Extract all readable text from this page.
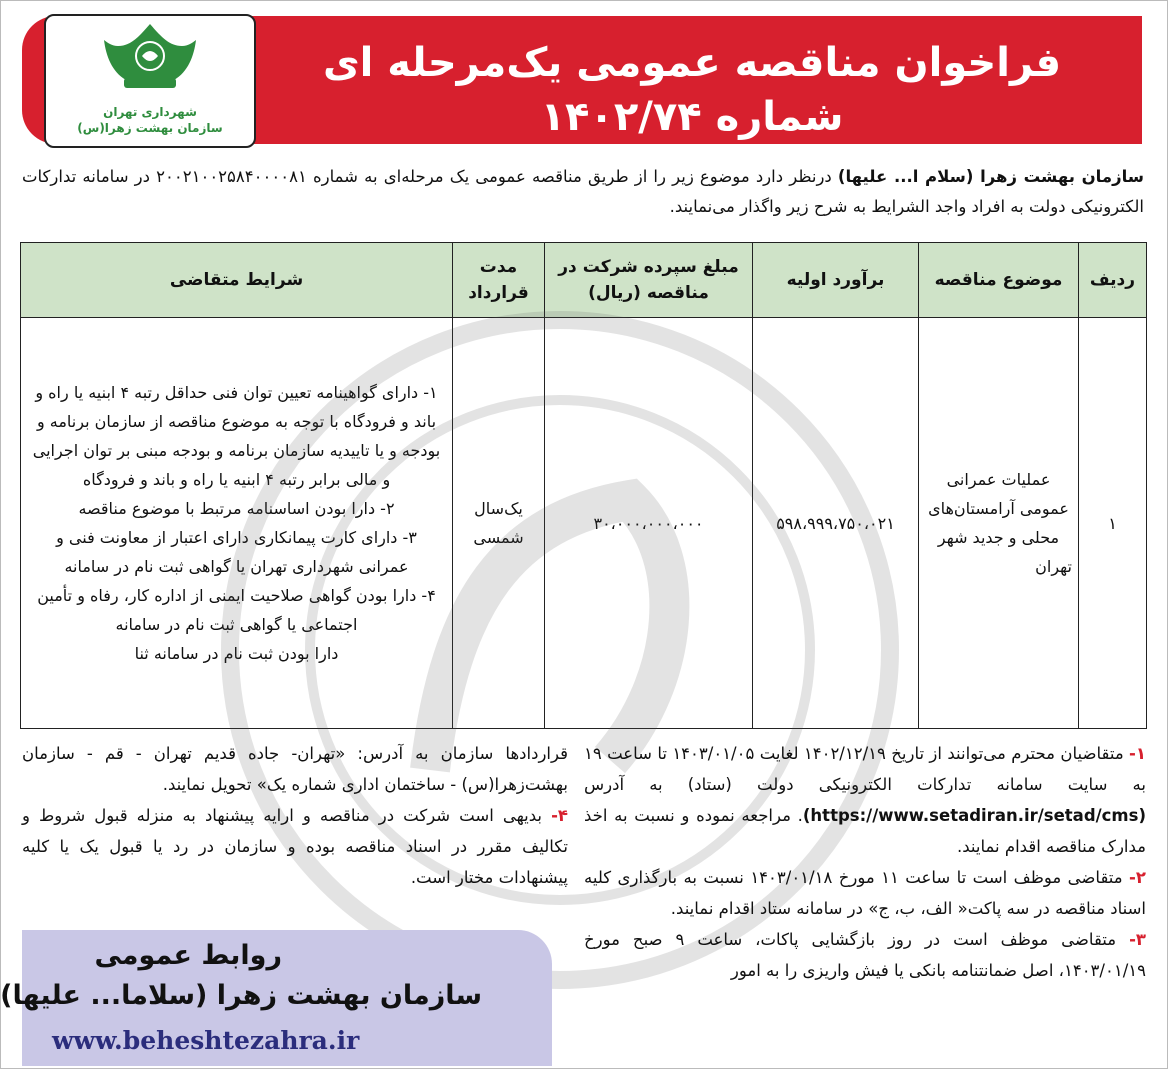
فراخوان مناقصه عمومی یک‌مرحله ای
شماره ۱۴۰۲/۷۴
شهرداری تهران
سازمان بهشت زهرا(س)
سازمان بهشت زهرا (سلام ا... علیها) درنظر دارد موضوع زیر را از طریق مناقصه عمومی یک مرحله‌ای به شماره ۲۰۰۲۱۰۰۲۵۸۴۰۰۰۰۸۱ در سامانه تدارکات الکترونیکی دولت به افراد واجد الشرایط به شرح زیر واگذار می‌نمایند.
ردیف	موضوع مناقصه	برآورد اولیه	مبلغ سپرده شرکت در مناقصه (ریال)	مدت قرارداد	شرایط متقاضی
۱	عملیات عمرانی عمومی آرامستان‌های محلی و جدید شهر تهران	۵۹۸،۹۹۹،۷۵۰،۰۲۱	۳۰،۰۰۰،۰۰۰،۰۰۰	یک‌سال شمسی	۱- دارای گواهینامه تعیین توان فنی حداقل رتبه ۴ ابنیه یا راه و باند و فرودگاه با توجه به موضوع مناقصه از سازمان برنامه و بودجه و یا تاییدیه سازمان برنامه و بودجه مبنی بر توان اجرایی و مالی برابر رتبه ۴ ابنیه یا راه و باند و فرودگاه
۲- دارا بودن اساسنامه مرتبط با موضوع مناقصه
۳- دارای کارت پیمانکاری دارای اعتبار از معاونت فنی و عمرانی شهرداری تهران یا گواهی ثبت نام در سامانه
۴- دارا بودن گواهی صلاحیت ایمنی از اداره کار، رفاه و تأمین اجتماعی یا گواهی ثبت نام در سامانه
دارا بودن ثبت نام در سامانه ثنا
۱- متقاضیان محترم می‌توانند از تاریخ ۱۴۰۲/۱۲/۱۹ لغایت ۱۴۰۳/۰۱/۰۵ تا ساعت ۱۹ به سایت سامانه تدارکات الکترونیکی دولت (ستاد) به آدرس (https://www.setadiran.ir/setad/cms). مراجعه نموده و نسبت به اخذ مدارک مناقصه اقدام نمایند.
۲- متقاضی موظف است تا ساعت ۱۱ مورخ ۱۴۰۳/۰۱/۱۸ نسبت به بارگذاری کلیه اسناد مناقصه در سه پاکت« الف، ب، ج» در سامانه ستاد اقدام نمایند.
۳- متقاضی موظف است در روز بازگشایی پاکات، ساعت ۹ صبح مورخ ۱۴۰۳/۰۱/۱۹، اصل ضمانتنامه بانکی یا فیش واریزی را به امور
قراردادها سازمان به آدرس: «تهران- جاده قدیم تهران - قم - سازمان بهشت‌زهرا(س) - ساختمان اداری شماره یک» تحویل نمایند.
۴- بدیهی است شرکت در مناقصه و ارایه پیشنهاد به منزله قبول شروط و تکالیف مقرر در اسناد مناقصه بوده و سازمان در رد یا قبول یک یا کلیه پیشنهادات مختار است.
روابط عمومی
سازمان بهشت زهرا (سلاما... علیها)
www.beheshtezahra.ir
